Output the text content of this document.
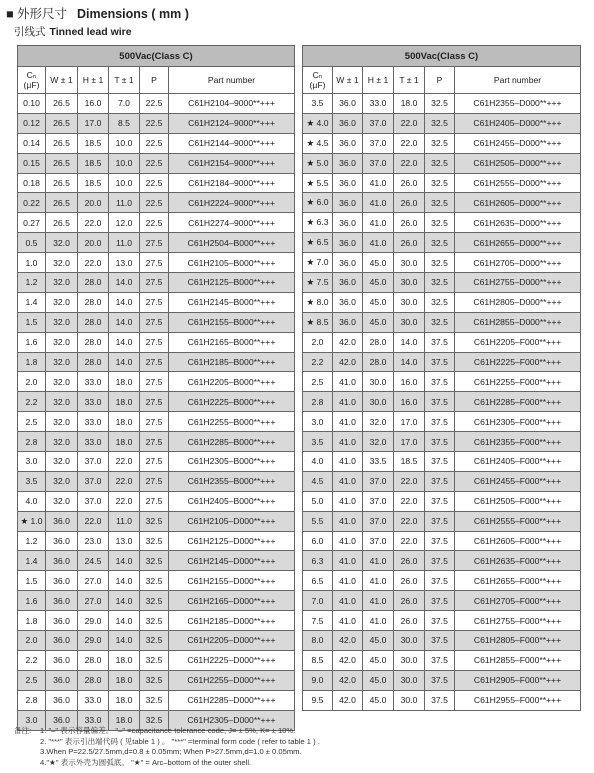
■ 外形尺寸 Dimensions ( mm )
引线式 Tinned lead wire
500Vac(Class C)					
Cₙ
(μF)	W ± 1	H ± 1	T ± 1	P	Part number
0.10	26.5	16.0	7.0	22.5	C61H2104–9000**+++
0.12	26.5	17.0	8.5	22.5	C61H2124–9000**+++
0.14	26.5	18.5	10.0	22.5	C61H2144–9000**+++
0.15	26.5	18.5	10.0	22.5	C61H2154–9000**+++
0.18	26.5	18.5	10.0	22.5	C61H2184–9000**+++
0.22	26.5	20.0	11.0	22.5	C61H2224–9000**+++
0.27	26.5	22.0	12.0	22.5	C61H2274–9000**+++
0.5	32.0	20.0	11.0	27.5	C61H2504–B000**+++
1.0	32.0	22.0	13.0	27.5	C61H2105–B000**+++
1.2	32.0	28.0	14.0	27.5	C61H2125–B000**+++
1.4	32.0	28.0	14.0	27.5	C61H2145–B000**+++
1.5	32.0	28.0	14.0	27.5	C61H2155–B000**+++
1.6	32.0	28.0	14.0	27.5	C61H2165–B000**+++
1.8	32.0	28.0	14.0	27.5	C61H2185–B000**+++
2.0	32.0	33.0	18.0	27.5	C61H2205–B000**+++
2.2	32.0	33.0	18.0	27.5	C61H2225–B000**+++
2.5	32.0	33.0	18.0	27.5	C61H2255–B000**+++
2.8	32.0	33.0	18.0	27.5	C61H2285–B000**+++
3.0	32.0	37.0	22.0	27.5	C61H2305–B000**+++
3.5	32.0	37.0	22.0	27.5	C61H2355–B000**+++
4.0	32.0	37.0	22.0	27.5	C61H2405–B000**+++
★ 1.0	36.0	22.0	11.0	32.5	C61H2105–D000**+++
1.2	36.0	23.0	13.0	32.5	C61H2125–D000**+++
1.4	36.0	24.5	14.0	32.5	C61H2145–D000**+++
1.5	36.0	27.0	14.0	32.5	C61H2155–D000**+++
1.6	36.0	27.0	14.0	32.5	C61H2165–D000**+++
1.8	36.0	29.0	14.0	32.5	C61H2185–D000**+++
2.0	36.0	29.0	14.0	32.5	C61H2205–D000**+++
2.2	36.0	28.0	18.0	32.5	C61H2225–D000**+++
2.5	36.0	28.0	18.0	32.5	C61H2255–D000**+++
2.8	36.0	33.0	18.0	32.5	C61H2285–D000**+++
3.0	36.0	33.0	18.0	32.5	C61H2305–D000**+++
500Vac(Class C)					
Cₙ
(μF)	W ± 1	H ± 1	T ± 1	P	Part number
3.5	36.0	33.0	18.0	32.5	C61H2355–D000**+++
★ 4.0	36.0	37.0	22.0	32.5	C61H2405–D000**+++
★ 4.5	36.0	37.0	22.0	32.5	C61H2455–D000**+++
★ 5.0	36.0	37.0	22.0	32.5	C61H2505–D000**+++
★ 5.5	36.0	41.0	26.0	32.5	C61H2555–D000**+++
★ 6.0	36.0	41.0	26.0	32.5	C61H2605–D000**+++
★ 6.3	36.0	41.0	26.0	32.5	C61H2635–D000**+++
★ 6.5	36.0	41.0	26.0	32.5	C61H2655–D000**+++
★ 7.0	36.0	45.0	30.0	32.5	C61H2705–D000**+++
★ 7.5	36.0	45.0	30.0	32.5	C61H2755–D000**+++
★ 8.0	36.0	45.0	30.0	32.5	C61H2805–D000**+++
★ 8.5	36.0	45.0	30.0	32.5	C61H2855–D000**+++
2.0	42.0	28.0	14.0	37.5	C61H2205–F000**+++
2.2	42.0	28.0	14.0	37.5	C61H2225–F000**+++
2.5	41.0	30.0	16.0	37.5	C61H2255–F000**+++
2.8	41.0	30.0	16.0	37.5	C61H2285–F000**+++
3.0	41.0	32.0	17.0	37.5	C61H2305–F000**+++
3.5	41.0	32.0	17.0	37.5	C61H2355–F000**+++
4.0	41.0	33.5	18.5	37.5	C61H2405–F000**+++
4.5	41.0	37.0	22.0	37.5	C61H2455–F000**+++
5.0	41.0	37.0	22.0	37.5	C61H2505–F000**+++
5.5	41.0	37.0	22.0	37.5	C61H2555–F000**+++
6.0	41.0	37.0	22.0	37.5	C61H2605–F000**+++
6.3	41.0	41.0	26.0	37.5	C61H2635–F000**+++
6.5	41.0	41.0	26.0	37.5	C61H2655–F000**+++
7.0	41.0	41.0	26.0	37.5	C61H2705–F000**+++
7.5	41.0	41.0	26.0	37.5	C61H2755–F000**+++
8.0	42.0	45.0	30.0	37.5	C61H2805–F000**+++
8.5	42.0	45.0	30.0	37.5	C61H2855–F000**+++
9.0	42.0	45.0	30.0	37.5	C61H2905–F000**+++
9.5	42.0	45.0	30.0	37.5	C61H2955–F000**+++
备注: 1. "–" 表示容量偏差。 "–" =capacitance tolerance code, J= ± 5%, K= ± 10%.
2. "***" 表示引出端代码 ( 见table 1 ) 。 "***" =terminal form code ( refer to table 1 ) .
3.When P=22.5/27.5mm,d=0.8 ± 0.05mm; When P>27.5mm,d=1.0 ± 0.05mm.
4."★" 表示外壳为圆弧底。 "★" = Arc–bottom of the outer shell.
